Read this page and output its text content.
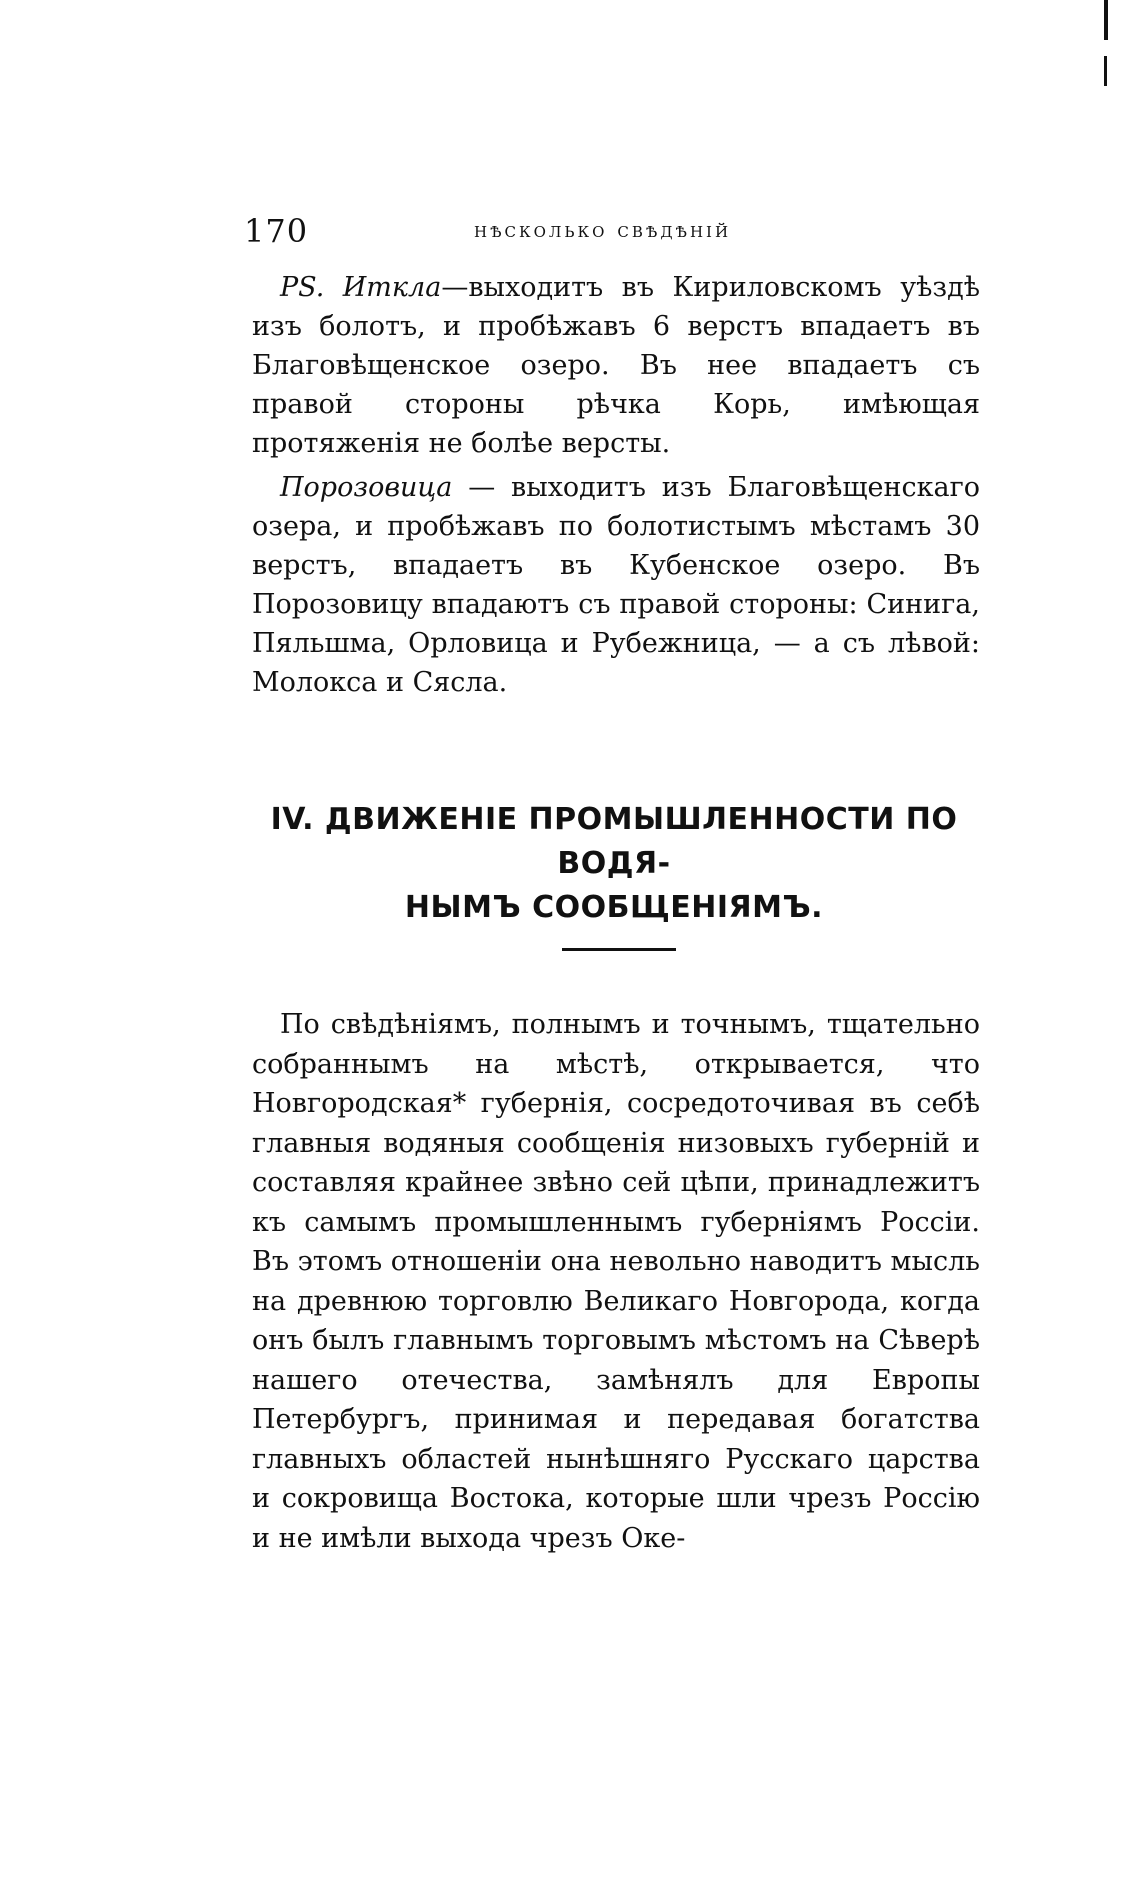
170	нѣсколько свѣдѣній

PS. Иткла—выходитъ въ Кириловскомъ уѣздѣ изъ болотъ, и пробѣжавъ 6 верстъ впадаетъ въ Благовѣщенское озеро. Въ нее впадаетъ съ правой стороны рѣчка Корь, имѣющая протяженія не болѣе версты.

Порозовица — выходитъ изъ Благовѣщенскаго озера, и пробѣжавъ по болотистымъ мѣстамъ 30 верстъ, впадаетъ въ Кубенское озеро. Въ Порозовицу впадаютъ съ правой стороны: Синига, Пяльшма, Орловица и Рубежница, — а съ лѣвой: Молокса и Сясла.

IV. ДВИЖЕНІЕ ПРОМЫШЛЕННОСТИ ПО ВОДЯ-
НЫМЪ СООБЩЕНІЯМЪ.

По свѣдѣніямъ, полнымъ и точнымъ, тщательно собраннымъ на мѣстѣ, открывается, что Новгородская* губернія, сосредоточивая въ себѣ главныя водяныя сообщенія низовыхъ губерній и составляя крайнее звѣно сей цѣпи, принадлежитъ къ самымъ промышленнымъ губерніямъ Россіи. Въ этомъ отношеніи она невольно наводитъ мысль на древнюю торговлю Великаго Новгорода, когда онъ былъ главнымъ торговымъ мѣстомъ на Сѣверѣ нашего отечества, замѣнялъ для Европы Петербургъ, принимая и передавая богатства главныхъ областей нынѣшняго Русскаго царства и сокровища Востока, которые шли чрезъ Россію и не имѣли выхода чрезъ Оке-
